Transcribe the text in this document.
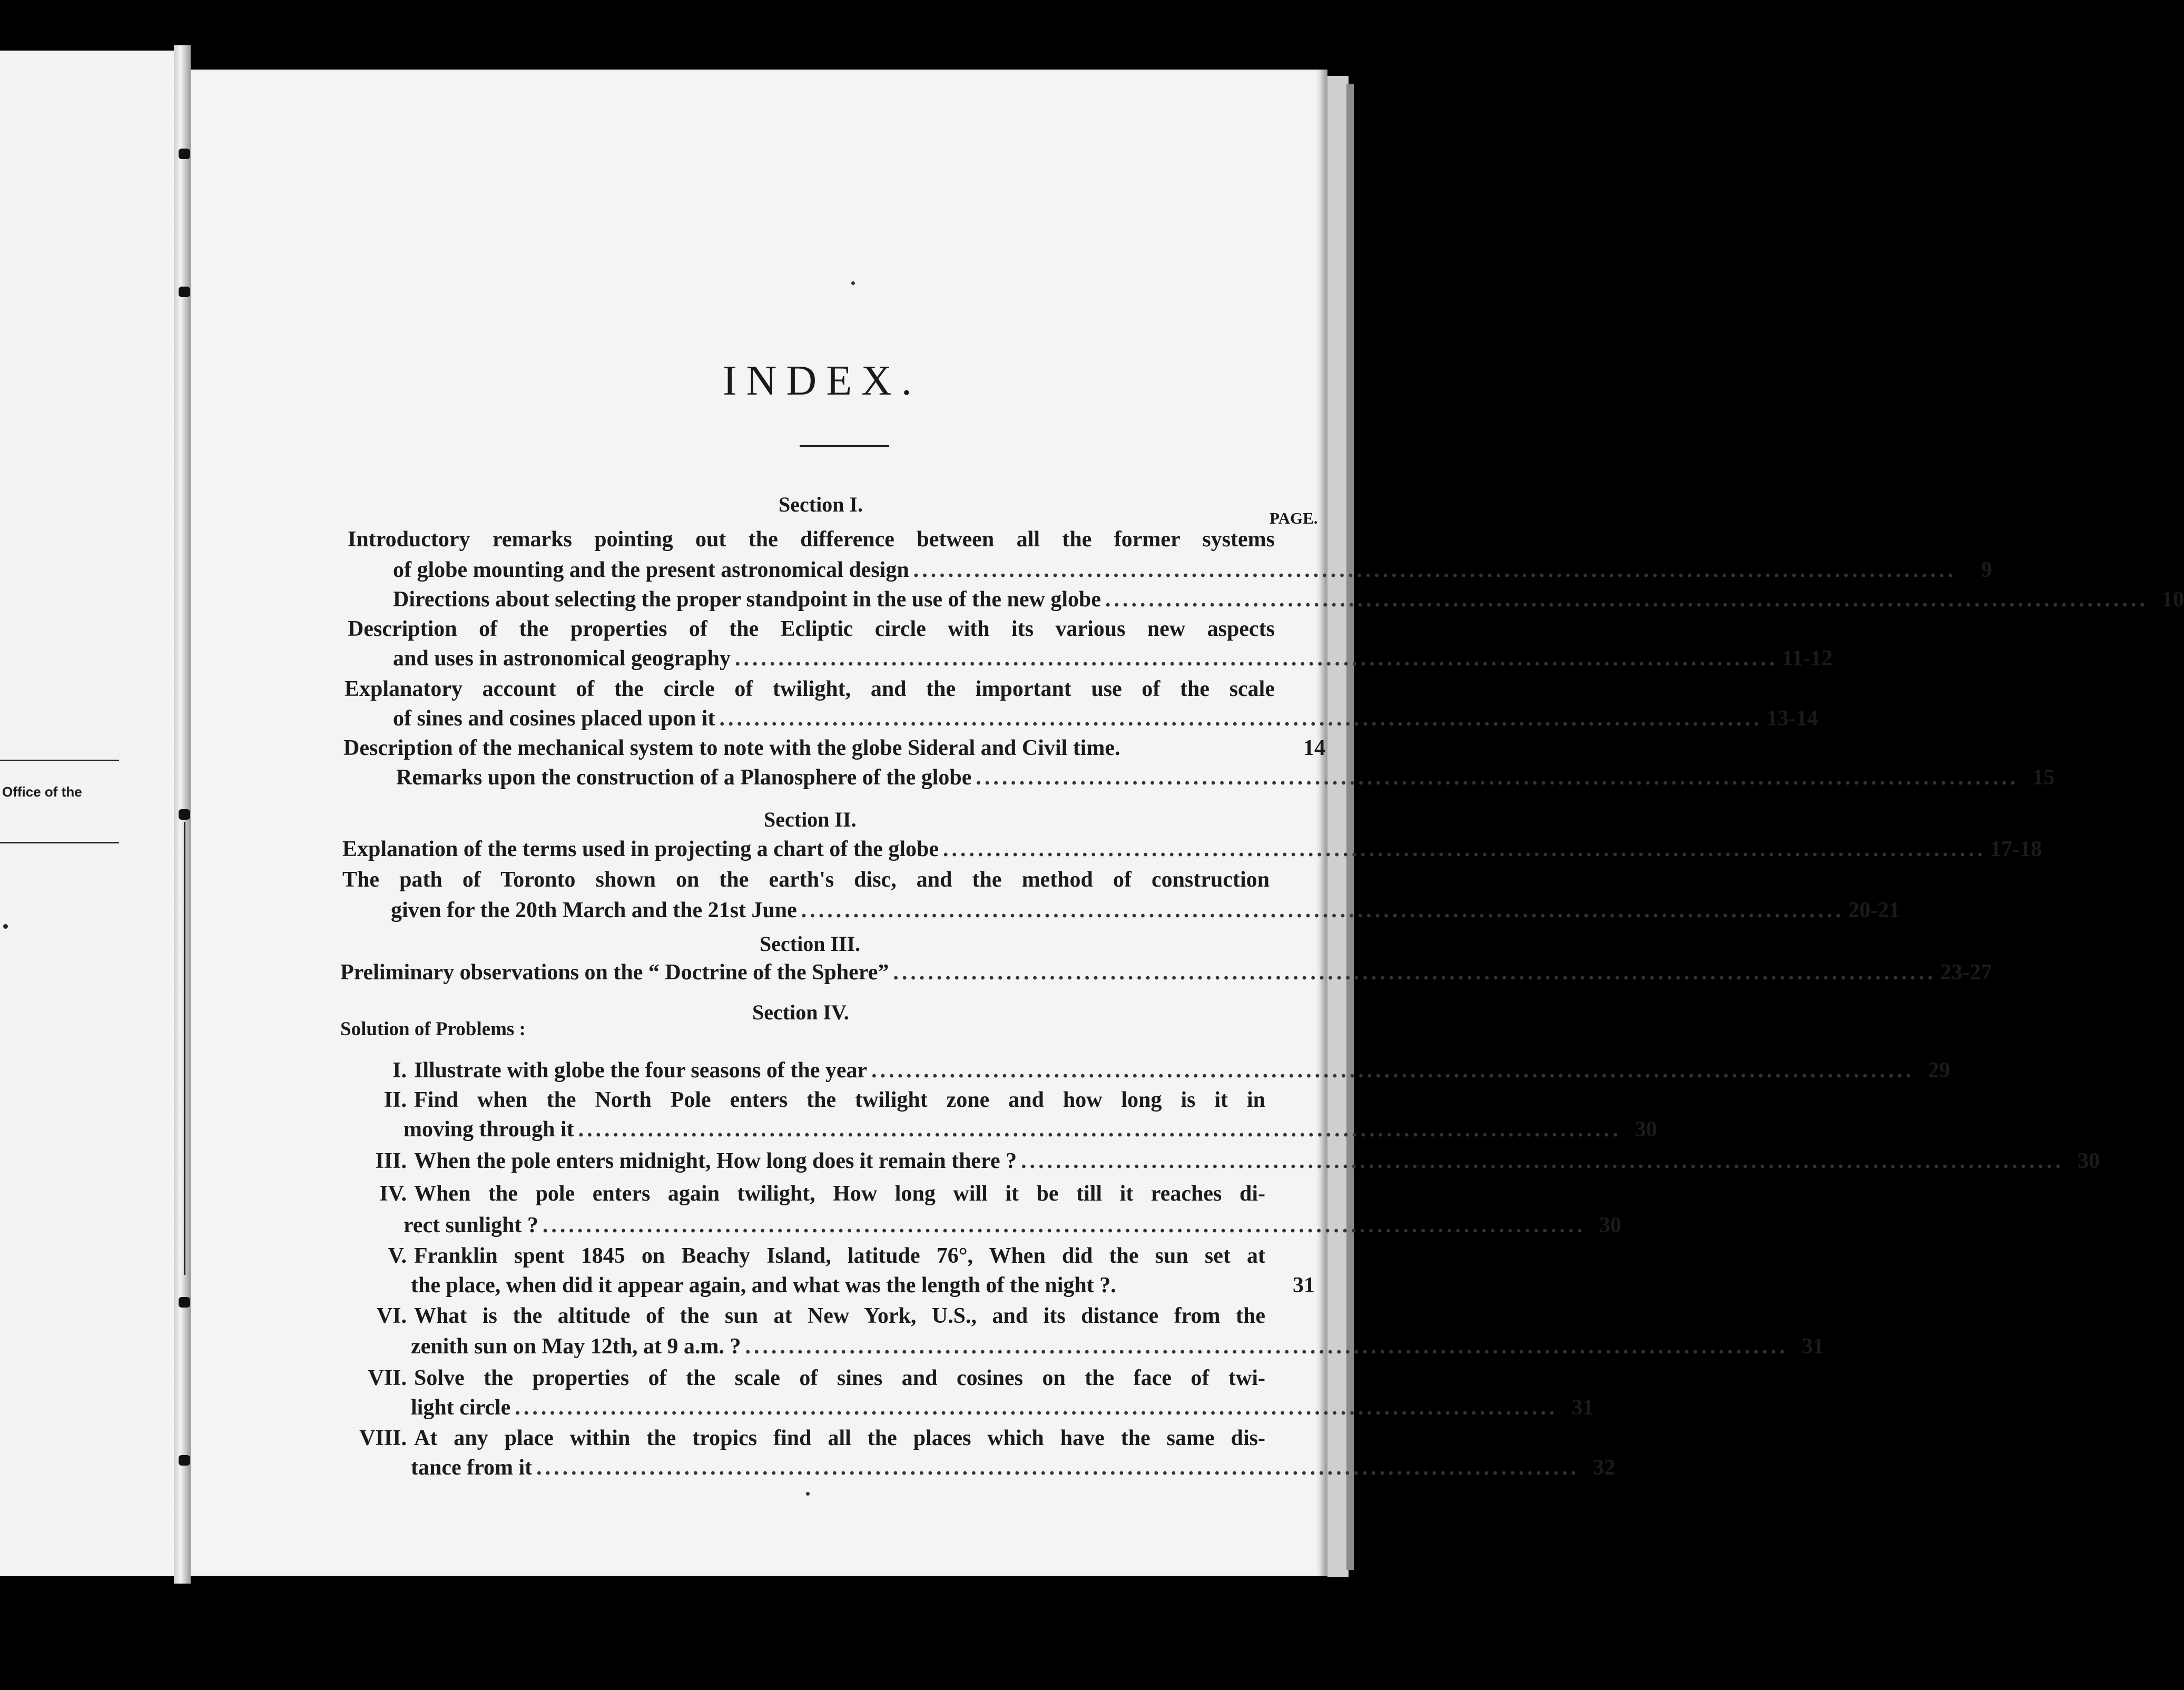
Office of the
INDEX.
PAGE.
Section I.
Section II.
Section III.
Section IV.
Solution of Problems :
Introductory remarks pointing out the difference between all the former systems
of globe mounting and the present astronomical design ........................................................................................................................	9
Directions about selecting the proper standpoint in the use of the new globe ........................................................................................................................ 10
Description of the properties of the Ecliptic circle with its various new aspects
and uses in astronomical geography ........................................................................................................................ 11-12
Explanatory account of the circle of twilight, and the important use of the scale
of sines and cosines placed upon it ........................................................................................................................ 13-14
Description of the mechanical system to note with the globe Sideral and Civil time.	14
Remarks upon the construction of a Planosphere of the globe ........................................................................................................................ 15
Explanation of the terms used in projecting a chart of the globe ........................................................................................................................ 17-18
The path of Toronto shown on the earth's disc, and the method of construction
given for the 20th March and the 21st June ........................................................................................................................ 20-21
Preliminary observations on the “ Doctrine of the Sphere” ........................................................................................................................ 23-27
I. Illustrate with globe the four seasons of the year ........................................................................................................................ 29
II. Find when the North Pole enters the twilight zone and how long is it in
moving through it ........................................................................................................................ 30
III. When the pole enters midnight, How long does it remain there ? ........................................................................................................................ 30
IV. When the pole enters again twilight, How long will it be till it reaches di-
rect sunlight ? ........................................................................................................................ 30
V. Franklin spent 1845 on Beachy Island, latitude 76°, When did the sun set at
the place, when did it appear again, and what was the length of the night ?.	31
VI. What is the altitude of the sun at New York, U.S., and its distance from the
zenith sun on May 12th, at 9 a.m. ? ........................................................................................................................ 31
VII. Solve the properties of the scale of sines and cosines on the face of twi-
light circle ........................................................................................................................ 31
VIII. At any place within the tropics find all the places which have the same dis-
tance from it ........................................................................................................................ 32
